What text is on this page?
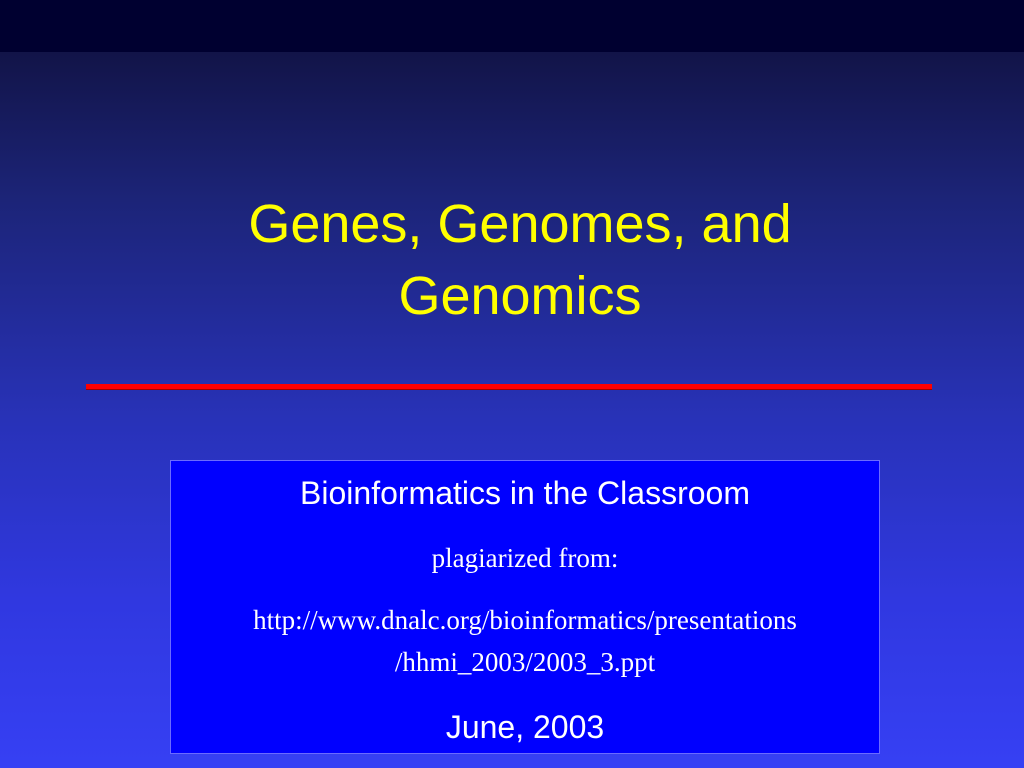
Genes, Genomes, and
Genomics
Bioinformatics in the Classroom
plagiarized from:
http://www.dnalc.org/bioinformatics/presentations
/hhmi_2003/2003_3.ppt
June, 2003
